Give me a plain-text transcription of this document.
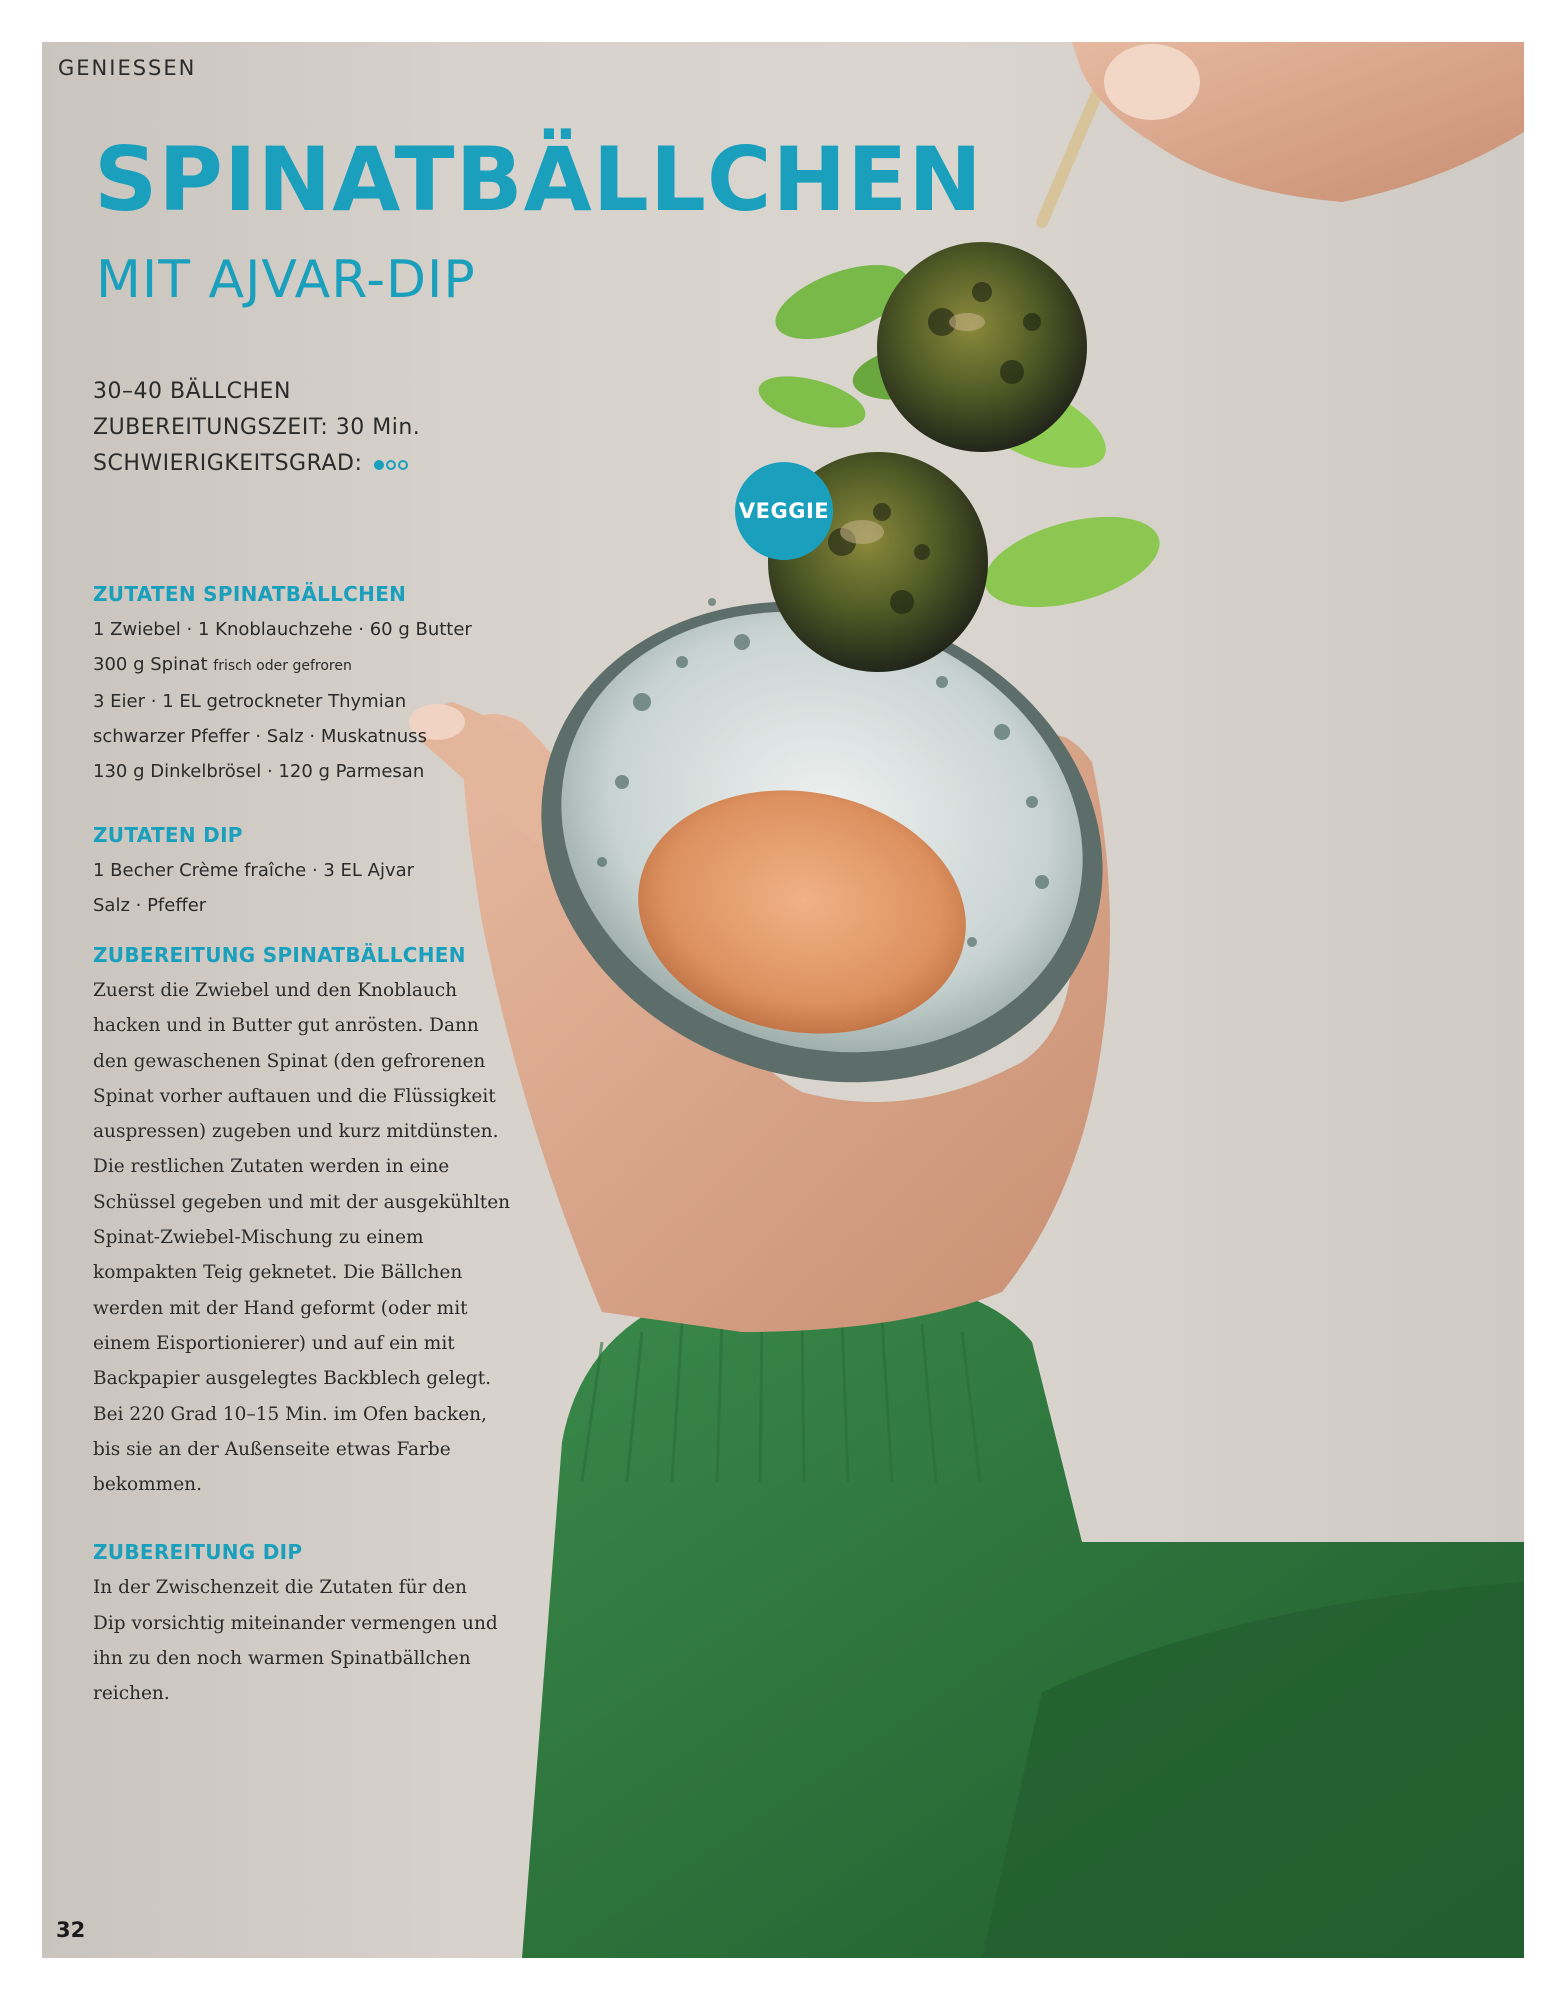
GENIESSEN
SPINATBÄLLCHEN
MIT AJVAR-DIP
30–40 BÄLLCHEN
ZUBEREITUNGSZEIT: 30 Min.
SCHWIERIGKEITSGRAD:
VEGGIE
ZUTATEN SPINATBÄLLCHEN
1 Zwiebel · 1 Knoblauchzehe · 60 g Butter
300 g Spinat frisch oder gefroren
3 Eier · 1 EL getrockneter Thymian
schwarzer Pfeffer · Salz · Muskatnuss
130 g Dinkelbrösel · 120 g Parmesan
ZUTATEN DIP
1 Becher Crème fraîche · 3 EL Ajvar
Salz · Pfeffer
ZUBEREITUNG SPINATBÄLLCHEN
Zuerst die Zwiebel und den Knoblauch
hacken und in Butter gut anrösten. Dann
den gewaschenen Spinat (den gefrorenen
Spinat vorher auftauen und die Flüssigkeit
auspressen) zugeben und kurz mitdünsten.
Die restlichen Zutaten werden in eine
Schüssel gegeben und mit der ausgekühlten
Spinat-Zwiebel-Mischung zu einem
kompakten Teig geknetet. Die Bällchen
werden mit der Hand geformt (oder mit
einem Eisportionierer) und auf ein mit
Backpapier ausgelegtes Backblech gelegt.
Bei 220 Grad 10–15 Min. im Ofen backen,
bis sie an der Außenseite etwas Farbe
bekommen.
ZUBEREITUNG DIP
In der Zwischenzeit die Zutaten für den
Dip vorsichtig miteinander vermengen und
ihn zu den noch warmen Spinatbällchen
reichen.
32
